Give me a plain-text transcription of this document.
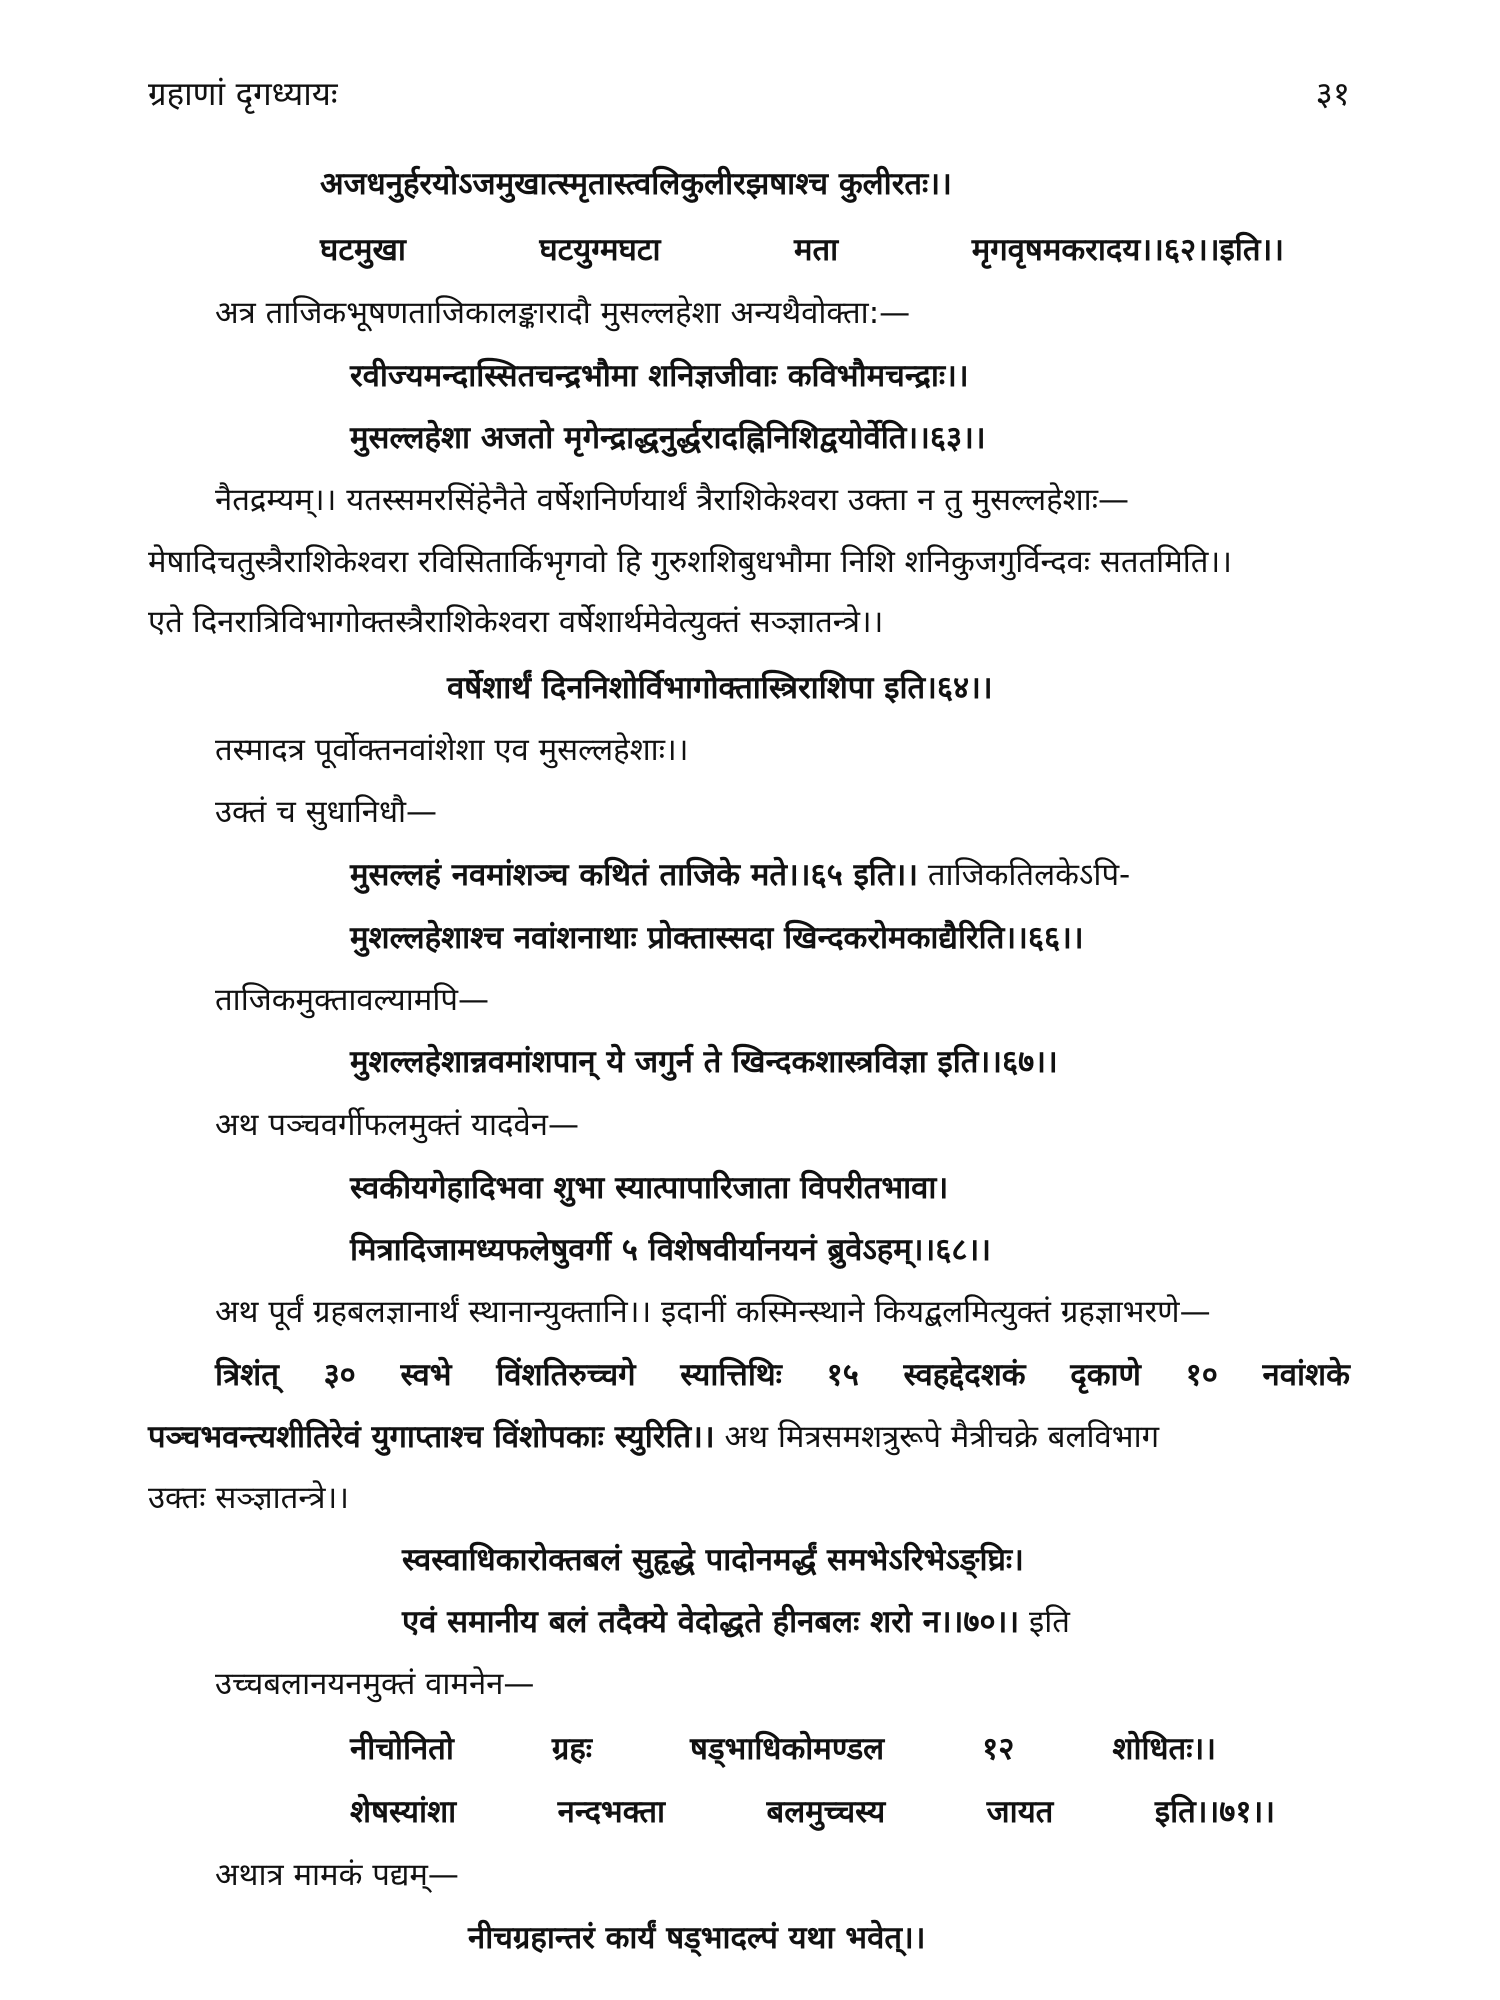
ग्रहाणां दृगध्यायः	३१
अजधनुर्हरयोऽजमुखात्स्मृतास्त्वलिकुलीरझषाश्च कुलीरतः।।
घटमुखा	घटयुग्मघटा	मता	मृगवृषमकरादय।।६२।।इति।।
अत्र ताजिकभूषणताजिकालङ्कारादौ मुसल्लहेशा अन्यथैवोक्ता:—
रवीज्यमन्दास्सितचन्द्रभौमा शनिज्ञजीवाः कविभौमचन्द्राः।।
मुसल्लहेशा अजतो मृगेन्द्राद्धनुर्द्धरादह्निनिशिद्वयोर्वेति।।६३।।
नैतद्रम्यम्।। यतस्समरसिंहेनैते वर्षेशनिर्णयार्थं त्रैराशिकेश्वरा उक्ता न तु मुसल्लहेशाः—
मेषादिचतुस्त्रैराशिकेश्वरा रविसितार्किभृगवो हि गुरुशशिबुधभौमा निशि शनिकुजगुर्विन्दवः सततमिति।।
एते दिनरात्रिविभागोक्तस्त्रैराशिकेश्वरा वर्षेशार्थमेवेत्युक्तं सञ्ज्ञातन्त्रे।।
वर्षेशार्थं दिननिशोर्विभागोक्तास्त्रिराशिपा इति।६४।।
तस्मादत्र पूर्वोक्तनवांशेशा एव मुसल्लहेशाः।।
उक्तं च सुधानिधौ—
मुसल्लहं नवमांशञ्च कथितं ताजिके मते।।६५ इति।। ताजिकतिलकेऽपि-
मुशल्लहेशाश्च नवांशनाथाः प्रोक्तास्सदा खिन्दकरोमकाद्यैरिति।।६६।।
ताजिकमुक्तावल्यामपि—
मुशल्लहेशान्नवमांशपान् ये जगुर्न ते खिन्दकशास्त्रविज्ञा इति।।६७।।
अथ पञ्चवर्गीफलमुक्तं यादवेन—
स्वकीयगेहादिभवा शुभा स्यात्पापारिजाता विपरीतभावा।
मित्रादिजामध्यफलेषुवर्गी ५ विशेषवीर्यानयनं ब्रुवेऽहम्।।६८।।
अथ पूर्वं ग्रहबलज्ञानार्थं स्थानान्युक्तानि।। इदानीं कस्मिन्स्थाने कियद्बलमित्युक्तं ग्रहज्ञाभरणे—
त्रिशंत् ३० स्वभे विंशतिरुच्चगे स्यात्तिथिः १५ स्वहद्देदशकं दृकाणे १० नवांशके
पञ्चभवन्त्यशीतिरेवं युगाप्ताश्च विंशोपकाः स्युरिति।। अथ मित्रसमशत्रुरूपे मैत्रीचक्रे बलविभाग
उक्तः सञ्ज्ञातन्त्रे।।
स्वस्वाधिकारोक्तबलं सुहृद्धे पादोनमर्द्धं समभेऽरिभेऽङ्घ्रिः।
एवं समानीय बलं तदैक्ये वेदोद्धते हीनबलः शरो न।।७०।। इति
उच्चबलानयनमुक्तं वामनेन—
नीचोनितो	ग्रहः	षड्भाधिकोमण्डल	१२	शोधितः।।
शेषस्यांशा	नन्दभक्ता	बलमुच्चस्य	जायत	इति।।७१।।
अथात्र मामकं पद्यम्—
नीचग्रहान्तरं कार्यं षड्भादल्पं यथा भवेत्।।
